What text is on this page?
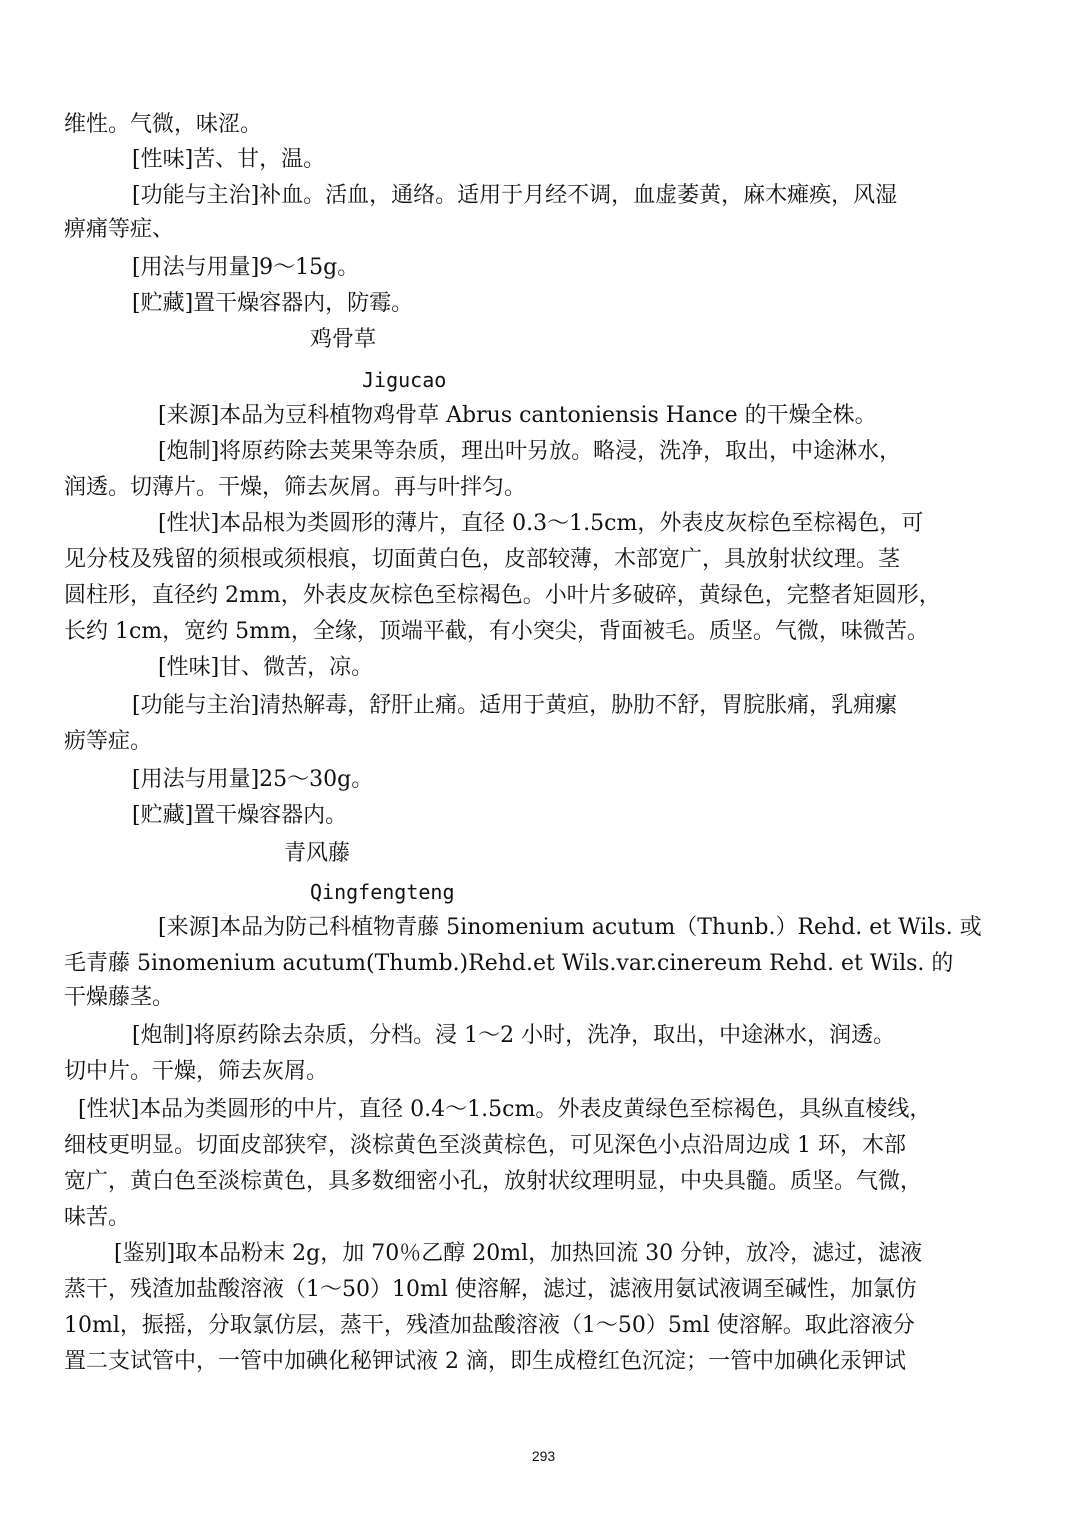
维性。气微，味涩。
[性味]苦、甘，温。
[功能与主治]补血。活血，通络。适用于月经不调，血虚萎黄，麻木瘫痪，风湿
痹痛等症、
[用法与用量]9～15g。
[贮藏]置干燥容器内，防霉。
鸡骨草
Jigucao
[来源]本品为豆科植物鸡骨草 Abrus cantoniensis Hance 的干燥全株。
[炮制]将原药除去荚果等杂质，理出叶另放。略浸，洗净，取出，中途淋水，
润透。切薄片。干燥，筛去灰屑。再与叶拌匀。
[性状]本品根为类圆形的薄片，直径 0.3～1.5cm，外表皮灰棕色至棕褐色，可
见分枝及残留的须根或须根痕，切面黄白色，皮部较薄，木部宽广，具放射状纹理。茎
圆柱形，直径约 2mm，外表皮灰棕色至棕褐色。小叶片多破碎，黄绿色，完整者矩圆形，
长约 1cm，宽约 5mm，全缘，顶端平截，有小突尖，背面被毛。质坚。气微，味微苦。
[性味]甘、微苦，凉。
[功能与主治]清热解毒，舒肝止痛。适用于黄疸，胁肋不舒，胃脘胀痛，乳痈瘰
疬等症。
[用法与用量]25～30g。
[贮藏]置干燥容器内。
青风藤
Qingfengteng
[来源]本品为防己科植物青藤 5inomenium acutum（Thunb.）Rehd. et Wils. 或
毛青藤 5inomenium acutum(Thumb.)Rehd.et Wils.var.cinereum Rehd. et Wils. 的
干燥藤茎。
[炮制]将原药除去杂质，分档。浸 1～2 小时，洗净，取出，中途淋水，润透。
切中片。干燥，筛去灰屑。
[性状]本品为类圆形的中片，直径 0.4～1.5cm。外表皮黄绿色至棕褐色，具纵直棱线，
细枝更明显。切面皮部狭窄，淡棕黄色至淡黄棕色，可见深色小点沿周边成 1 环，木部
宽广，黄白色至淡棕黄色，具多数细密小孔，放射状纹理明显，中央具髓。质坚。气微，
味苦。
[鉴别]取本品粉末 2g，加 70％乙醇 20ml，加热回流 30 分钟，放冷，滤过，滤液
蒸干，残渣加盐酸溶液（1～50）10ml 使溶解，滤过，滤液用氨试液调至碱性，加氯仿
10ml，振摇，分取氯仿层，蒸干，残渣加盐酸溶液（1～50）5ml 使溶解。取此溶液分
置二支试管中，一管中加碘化秘钾试液 2 滴，即生成橙红色沉淀；一管中加碘化汞钾试
293
